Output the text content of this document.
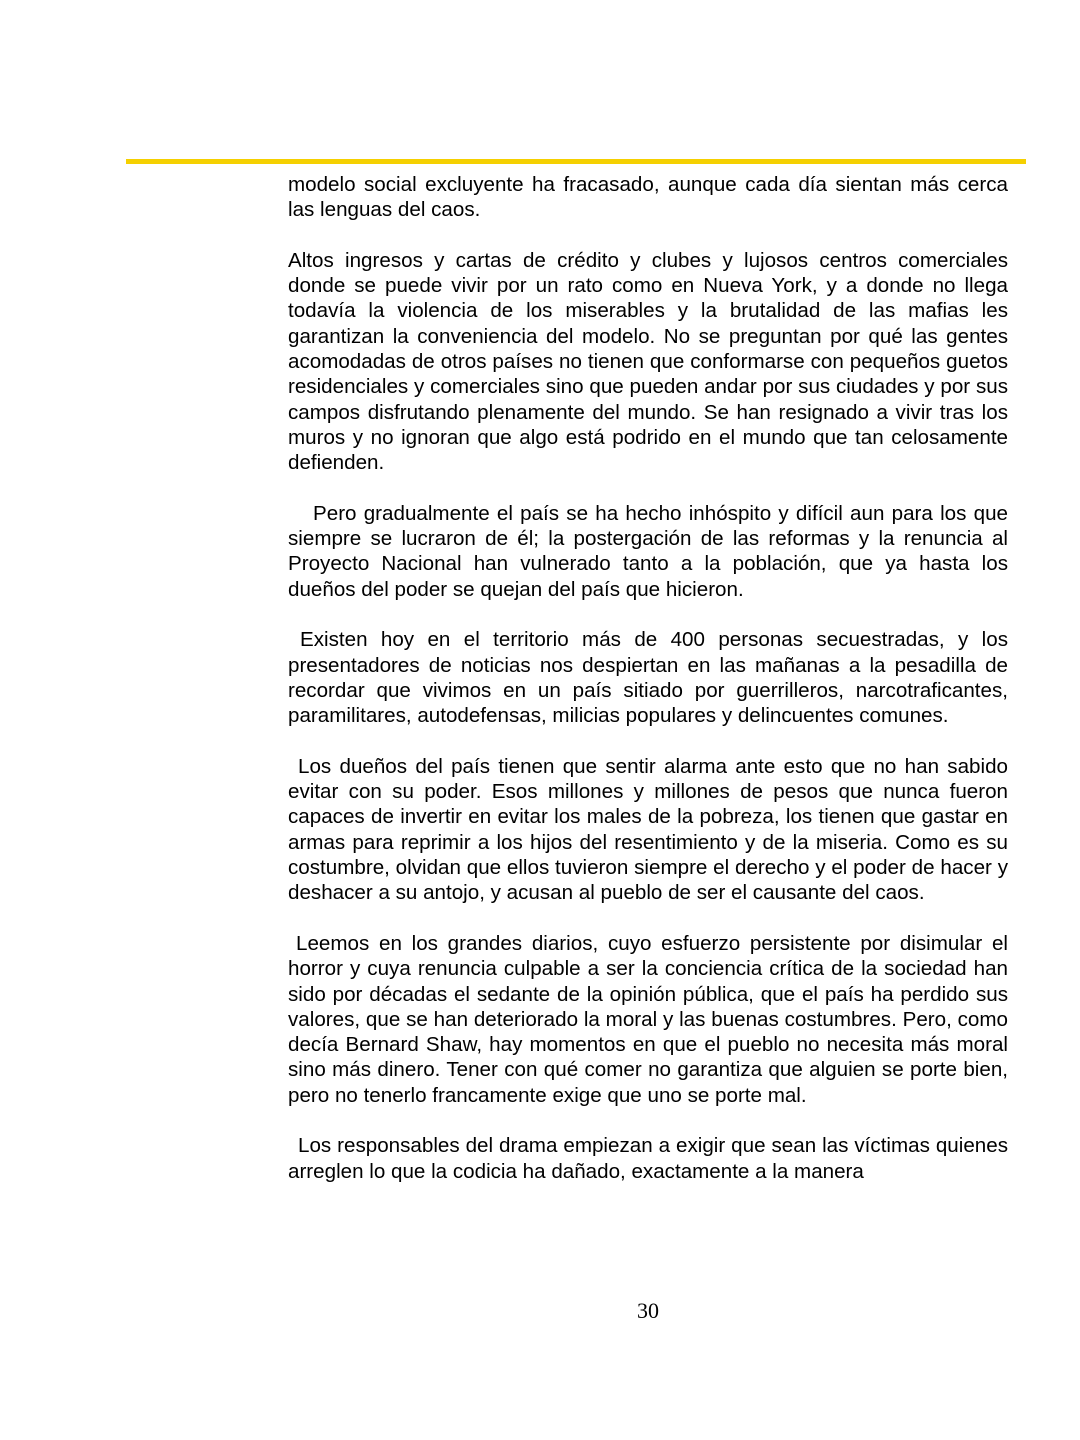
modelo social excluyente ha fracasado, aunque cada día sientan más cerca las lenguas del caos.

Altos ingresos y cartas de crédito y clubes y lujosos centros comerciales donde se puede vivir por un rato como en Nueva York, y a donde no llega todavía la violencia de los miserables y la brutalidad de las mafias les garantizan la conveniencia del modelo. No se preguntan por qué las gentes acomodadas de otros países no tienen que conformarse con pequeños guetos residenciales y comerciales sino que pueden andar por sus ciudades y por sus campos disfrutando plenamente del mundo. Se han resignado a vivir tras los muros y no ignoran que algo está podrido en el mundo que tan celosamente defienden.

Pero gradualmente el país se ha hecho inhóspito y difícil aun para los que siempre se lucraron de él; la postergación de las reformas y la renuncia al Proyecto Nacional han vulnerado tanto a la población, que ya hasta los dueños del poder se quejan del país que hicieron.

Existen hoy en el territorio más de 400 personas secuestradas, y los presentadores de noticias nos despiertan en las mañanas a la pesadilla de recordar que vivimos en un país sitiado por guerrilleros, narcotraficantes, paramilitares, autodefensas, milicias populares y delincuentes comunes.

Los dueños del país tienen que sentir alarma ante esto que no han sabido evitar con su poder. Esos millones y millones de pesos que nunca fueron capaces de invertir en evitar los males de la pobreza, los tienen que gastar en armas para reprimir a los hijos del resentimiento y de la miseria. Como es su costumbre, olvidan que ellos tuvieron siempre el derecho y el poder de hacer y deshacer a su antojo, y acusan al pueblo de ser el causante del caos.

Leemos en los grandes diarios, cuyo esfuerzo persistente por disimular el horror y cuya renuncia culpable a ser la conciencia crítica de la sociedad han sido por décadas el sedante de la opinión pública, que el país ha perdido sus valores, que se han deteriorado la moral y las buenas costumbres. Pero, como decía Bernard Shaw, hay momentos en que el pueblo no necesita más moral sino más dinero. Tener con qué comer no garantiza que alguien se porte bien, pero no tenerlo francamente exige que uno se porte mal.

Los responsables del drama empiezan a exigir que sean las víctimas quienes arreglen lo que la codicia ha dañado, exactamente a la manera

30
